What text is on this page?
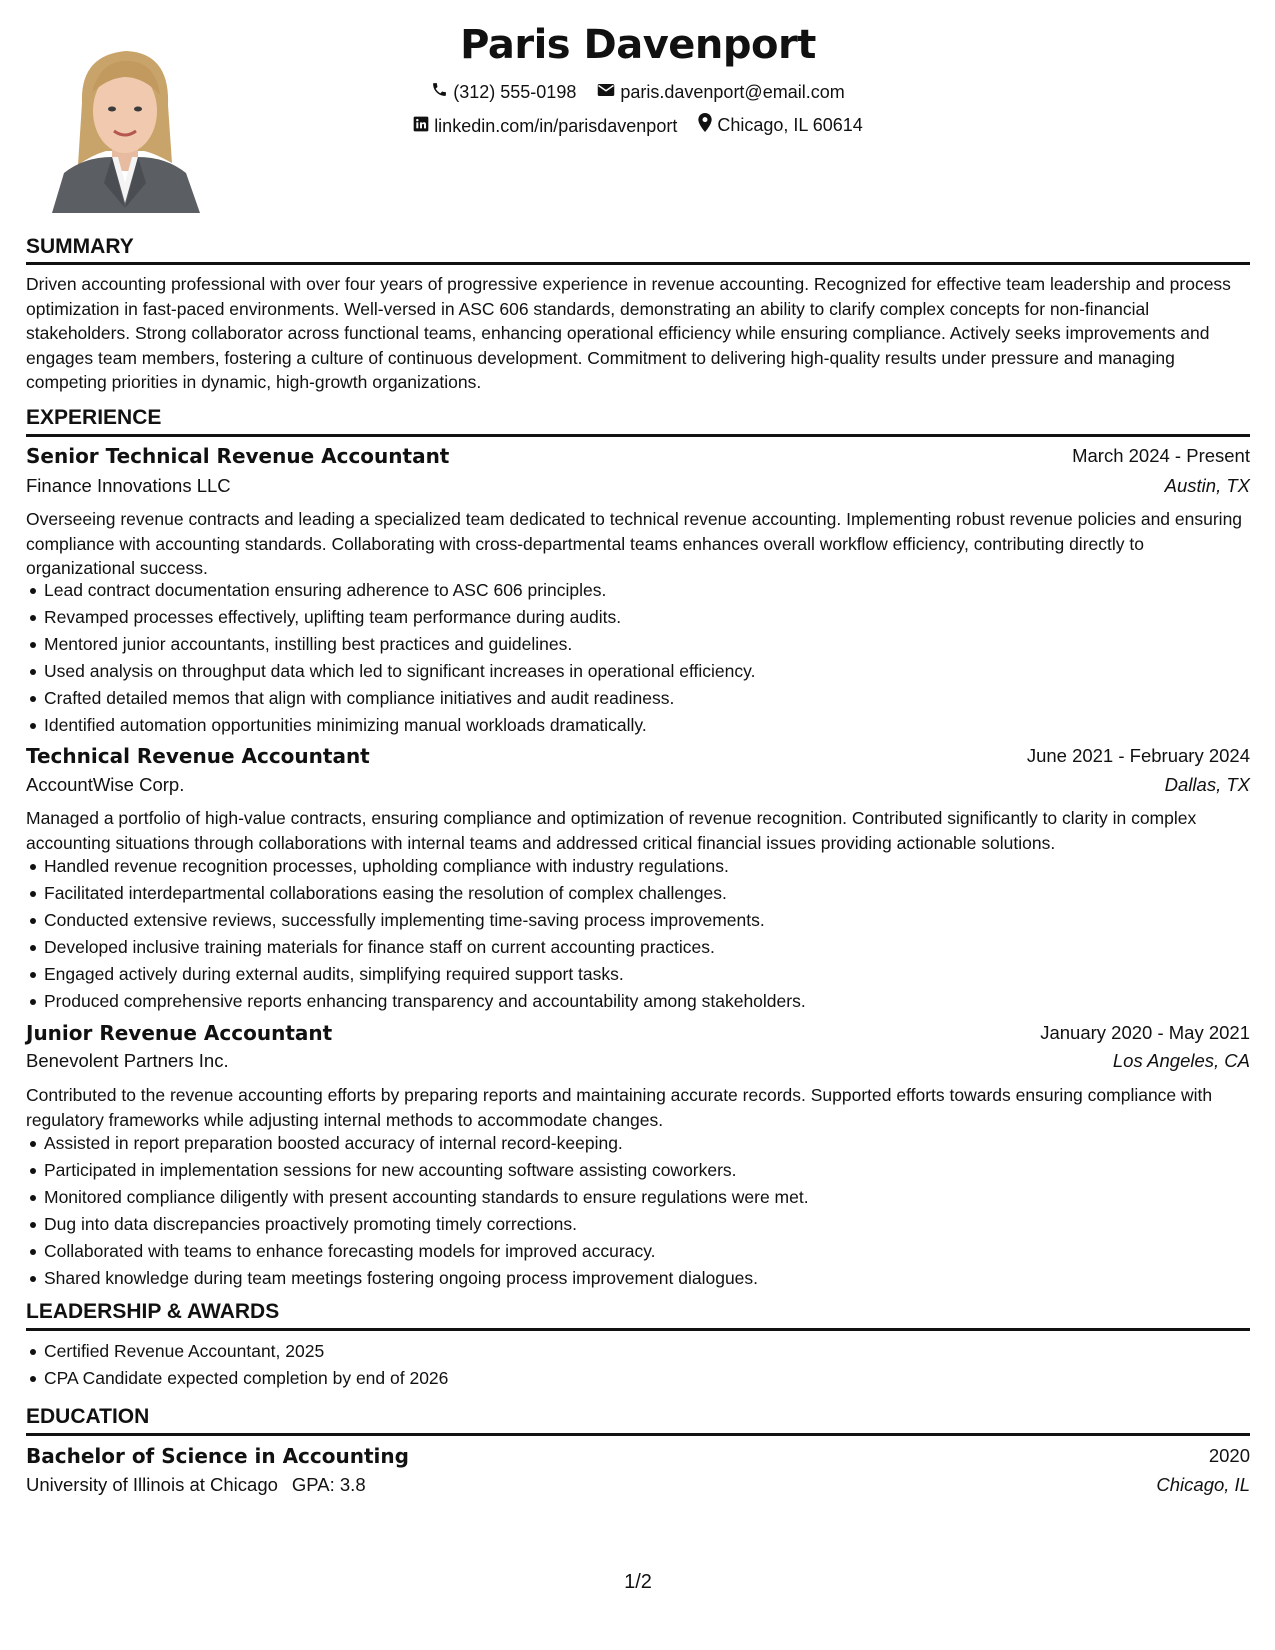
Paris Davenport
(312) 555-0198
paris.davenport@email.com
linkedin.com/in/parisdavenport
Chicago, IL 60614
SUMMARY
Driven accounting professional with over four years of progressive experience in revenue accounting. Recognized for effective team leadership and process optimization in fast-paced environments. Well-versed in ASC 606 standards, demonstrating an ability to clarify complex concepts for non-financial stakeholders. Strong collaborator across functional teams, enhancing operational efficiency while ensuring compliance. Actively seeks improvements and engages team members, fostering a culture of continuous development. Commitment to delivering high-quality results under pressure and managing competing priorities in dynamic, high-growth organizations.
EXPERIENCE
Senior Technical Revenue Accountant	March 2024 - Present
Finance Innovations LLC	Austin, TX
Overseeing revenue contracts and leading a specialized team dedicated to technical revenue accounting. Implementing robust revenue policies and ensuring compliance with accounting standards. Collaborating with cross-departmental teams enhances overall workflow efficiency, contributing directly to organizational success.
Lead contract documentation ensuring adherence to ASC 606 principles.
Revamped processes effectively, uplifting team performance during audits.
Mentored junior accountants, instilling best practices and guidelines.
Used analysis on throughput data which led to significant increases in operational efficiency.
Crafted detailed memos that align with compliance initiatives and audit readiness.
Identified automation opportunities minimizing manual workloads dramatically.
Technical Revenue Accountant	June 2021 - February 2024
AccountWise Corp.	Dallas, TX
Managed a portfolio of high-value contracts, ensuring compliance and optimization of revenue recognition. Contributed significantly to clarity in complex accounting situations through collaborations with internal teams and addressed critical financial issues providing actionable solutions.
Handled revenue recognition processes, upholding compliance with industry regulations.
Facilitated interdepartmental collaborations easing the resolution of complex challenges.
Conducted extensive reviews, successfully implementing time-saving process improvements.
Developed inclusive training materials for finance staff on current accounting practices.
Engaged actively during external audits, simplifying required support tasks.
Produced comprehensive reports enhancing transparency and accountability among stakeholders.
Junior Revenue Accountant	January 2020 - May 2021
Benevolent Partners Inc.	Los Angeles, CA
Contributed to the revenue accounting efforts by preparing reports and maintaining accurate records. Supported efforts towards ensuring compliance with regulatory frameworks while adjusting internal methods to accommodate changes.
Assisted in report preparation boosted accuracy of internal record-keeping.
Participated in implementation sessions for new accounting software assisting coworkers.
Monitored compliance diligently with present accounting standards to ensure regulations were met.
Dug into data discrepancies proactively promoting timely corrections.
Collaborated with teams to enhance forecasting models for improved accuracy.
Shared knowledge during team meetings fostering ongoing process improvement dialogues.
LEADERSHIP & AWARDS
Certified Revenue Accountant, 2025
CPA Candidate expected completion by end of 2026
EDUCATION
Bachelor of Science in Accounting	2020
University of Illinois at Chicago GPA: 3.8	Chicago, IL
1/2
